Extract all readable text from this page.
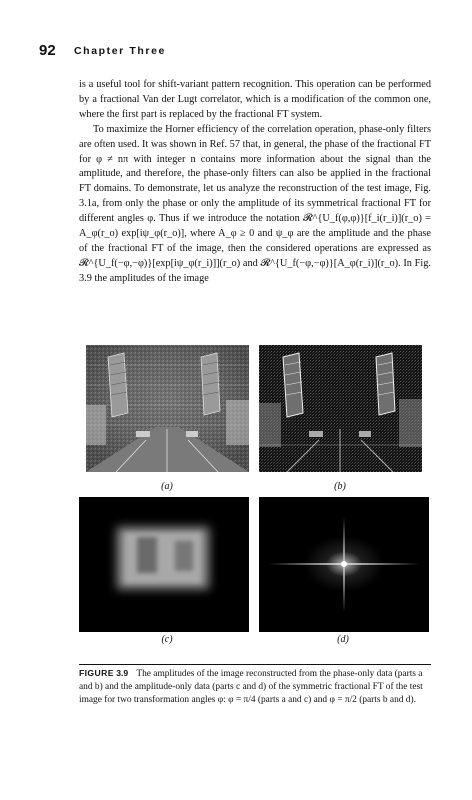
92 Chapter Three

is a useful tool for shift-variant pattern recognition. This operation can be performed by a fractional Van der Lugt correlator, which is a modification of the common one, where the first part is replaced by the fractional FT system.

To maximize the Horner efficiency of the correlation operation, phase-only filters are often used. It was shown in Ref. 57 that, in general, the phase of the fractional FT for φ ≠ nπ with integer n contains more information about the signal than the amplitude, and therefore, the phase-only filters can also be applied in the fractional FT domains. To demonstrate, let us analyze the reconstruction of the test image, Fig. 3.1a, from only the phase or only the amplitude of its symmetrical fractional FT for different angles φ. Thus if we introduce the notation 𝓡^{U_f(φ,φ)}[f_i(r_i)](r_o) = A_φ(r_o) exp[iψ_φ(r_o)], where A_φ ≥ 0 and ψ_φ are the amplitude and the phase of the fractional FT of the image, then the considered operations are expressed as 𝓡^{U_f(−φ,−φ)}[exp[iψ_φ(r_i)]](r_o) and 𝓡^{U_f(−φ,−φ)}[A_φ(r_i)](r_o). In Fig. 3.9 the amplitudes of the image

(a)	(b)
(c)	(d)
FIGURE 3.9 The amplitudes of the image reconstructed from the phase-only data (parts a and b) and the amplitude-only data (parts c and d) of the symmetric fractional FT of the test image for two transformation angles φ: φ = π/4 (parts a and c) and φ = π/2 (parts b and d).
